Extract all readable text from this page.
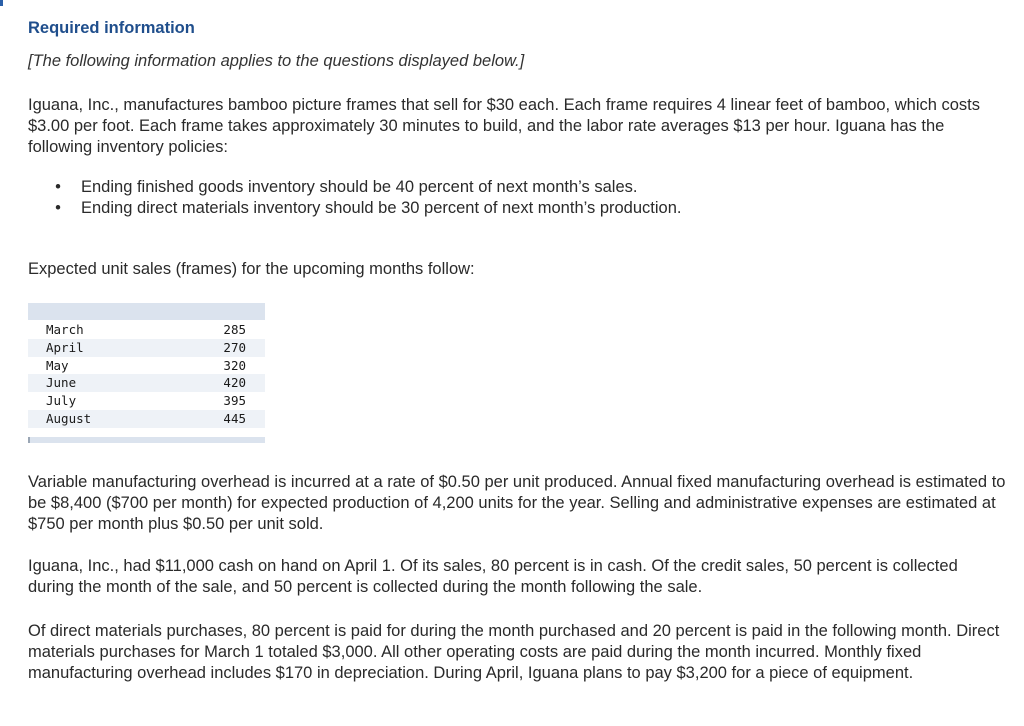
Required information
[The following information applies to the questions displayed below.]

Iguana, Inc., manufactures bamboo picture frames that sell for $30 each. Each frame requires 4 linear feet of bamboo, which costs $3.00 per foot. Each frame takes approximately 30 minutes to build, and the labor rate averages $13 per hour. Iguana has the following inventory policies:

• Ending finished goods inventory should be 40 percent of next month’s sales.
• Ending direct materials inventory should be 30 percent of next month’s production.
Expected unit sales (frames) for the upcoming months follow:
March	285
April	270
May	320
June	420
July	395
August	445

Variable manufacturing overhead is incurred at a rate of $0.50 per unit produced. Annual fixed manufacturing overhead is estimated to be $8,400 ($700 per month) for expected production of 4,200 units for the year. Selling and administrative expenses are estimated at $750 per month plus $0.50 per unit sold.

Iguana, Inc., had $11,000 cash on hand on April 1. Of its sales, 80 percent is in cash. Of the credit sales, 50 percent is collected during the month of the sale, and 50 percent is collected during the month following the sale.

Of direct materials purchases, 80 percent is paid for during the month purchased and 20 percent is paid in the following month. Direct materials purchases for March 1 totaled $3,000. All other operating costs are paid during the month incurred. Monthly fixed manufacturing overhead includes $170 in depreciation. During April, Iguana plans to pay $3,200 for a piece of equipment.
